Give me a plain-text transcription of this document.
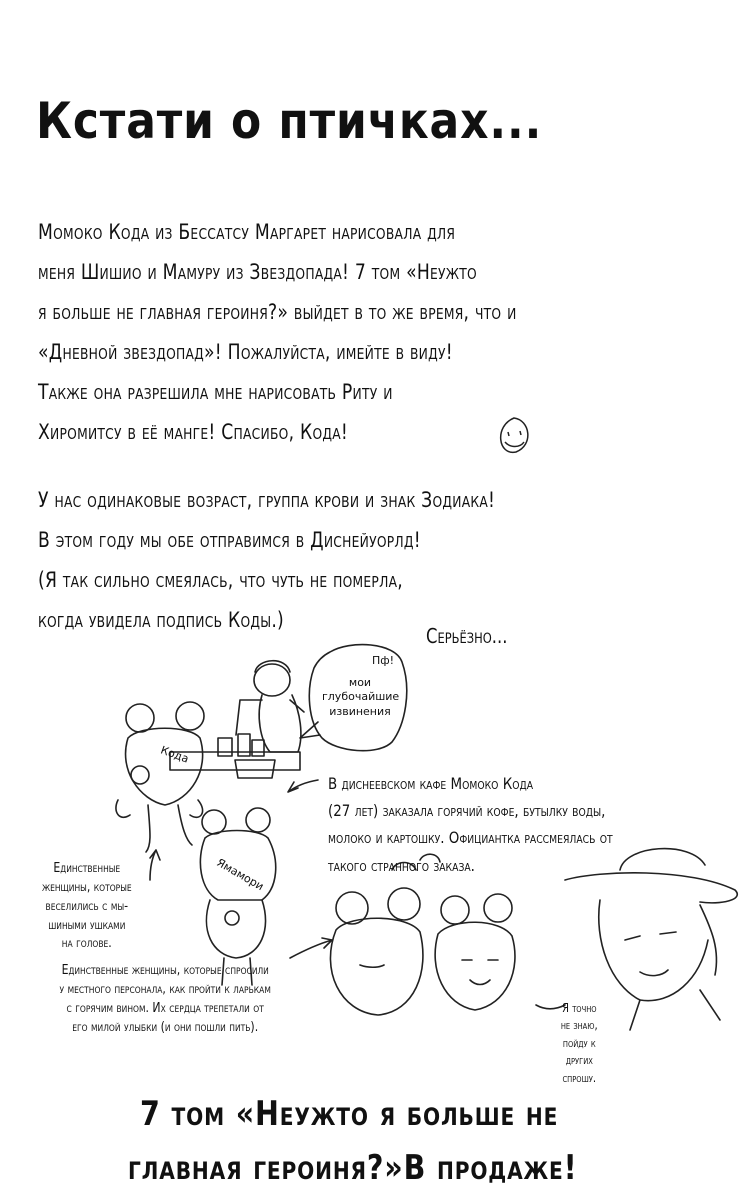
Кстати о птичках...
Момоко Кода из Бессатсу Маргарет нарисовала для
меня Шишио и Мамуру из Звездопада! 7 том «Неужто
я больше не главная героиня?» выйдет в то же время, что и
«Дневной звездопад»! Пожалуйста, имейте в виду!
Также она разрешила мне нарисовать Риту и
Хиромитсу в её манге! Спасибо, Кода!
У нас одинаковые возраст, группа крови и знак Зодиака!
В этом году мы обе отправимся в Диснейуорлд!
(Я так сильно смеялась, что чуть не померла,
когда увидела подпись Коды.)
Серьёзно...
Пф!
мои
глубочайшие
извинения
Кода
Ямамори
В диснеевском кафе Момоко Кода
(27 лет) заказала горячий кофе, бутылку воды,
молоко и картошку. Официантка рассмеялась от
такого странного заказа.
Единственные
женщины, которые
веселились с мы-
шиными ушками
на голове.
Единственные женщины, которые спросили
у местного персонала, как пройти к ларькам
с горячим вином. Их сердца трепетали от
его милой улыбки (и они пошли пить).
Я точно
не знаю,
пойду к
других
спрошу.
7 том «Неужто я больше не
главная героиня?»В продаже!
